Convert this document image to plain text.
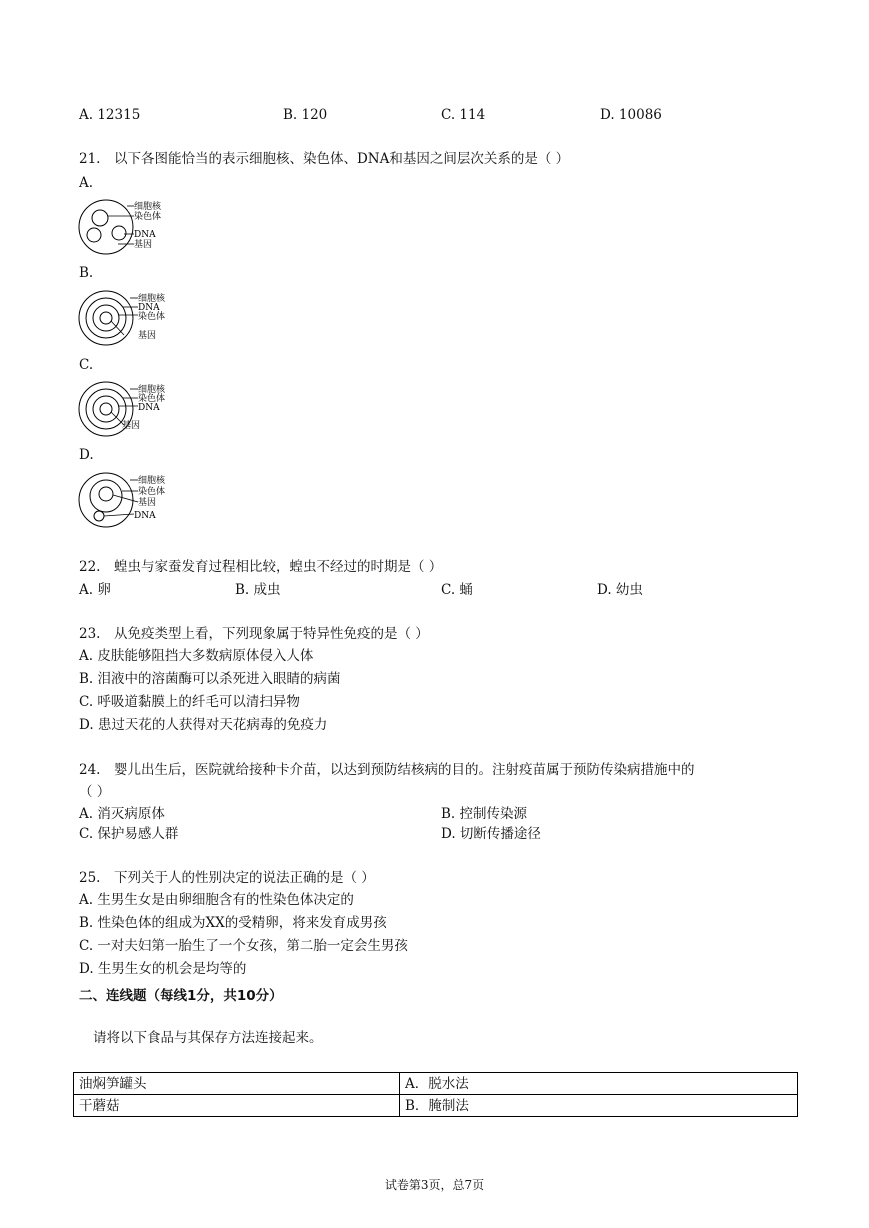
A. 12315	B. 120	C. 114	D. 10086
21.　以下各图能恰当的表示细胞核、染色体、DNA和基因之间层次关系的是（ ）
A.
细胞核
染色体
DNA
基因
B.
细胞核
DNA
染色体
基因
C.
细胞核
染色体
DNA
基因
D.
细胞核
染色体
基因
DNA
22.　蝗虫与家蚕发育过程相比较，蝗虫不经过的时期是（ ）
A. 卵	B. 成虫	C. 蛹	D. 幼虫
23.　从免疫类型上看，下列现象属于特异性免疫的是（ ）
A. 皮肤能够阻挡大多数病原体侵入人体
B. 泪液中的溶菌酶可以杀死进入眼睛的病菌
C. 呼吸道黏膜上的纤毛可以清扫异物
D. 患过天花的人获得对天花病毒的免疫力
24.　婴儿出生后，医院就给接种卡介苗，以达到预防结核病的目的。注射疫苗属于预防传染病措施中的
（ ）
A. 消灭病原体	B. 控制传染源
C. 保护易感人群	D. 切断传播途径
25.　下列关于人的性别决定的说法正确的是（ ）
A. 生男生女是由卵细胞含有的性染色体决定的
B. 性染色体的组成为XX的受精卵，将来发育成男孩
C. 一对夫妇第一胎生了一个女孩，第二胎一定会生男孩
D. 生男生女的机会是均等的
二、连线题（每线1分，共10分）
请将以下食品与其保存方法连接起来。
油焖笋罐头	A．脱水法
干蘑菇	B．腌制法
试卷第3页，总7页
